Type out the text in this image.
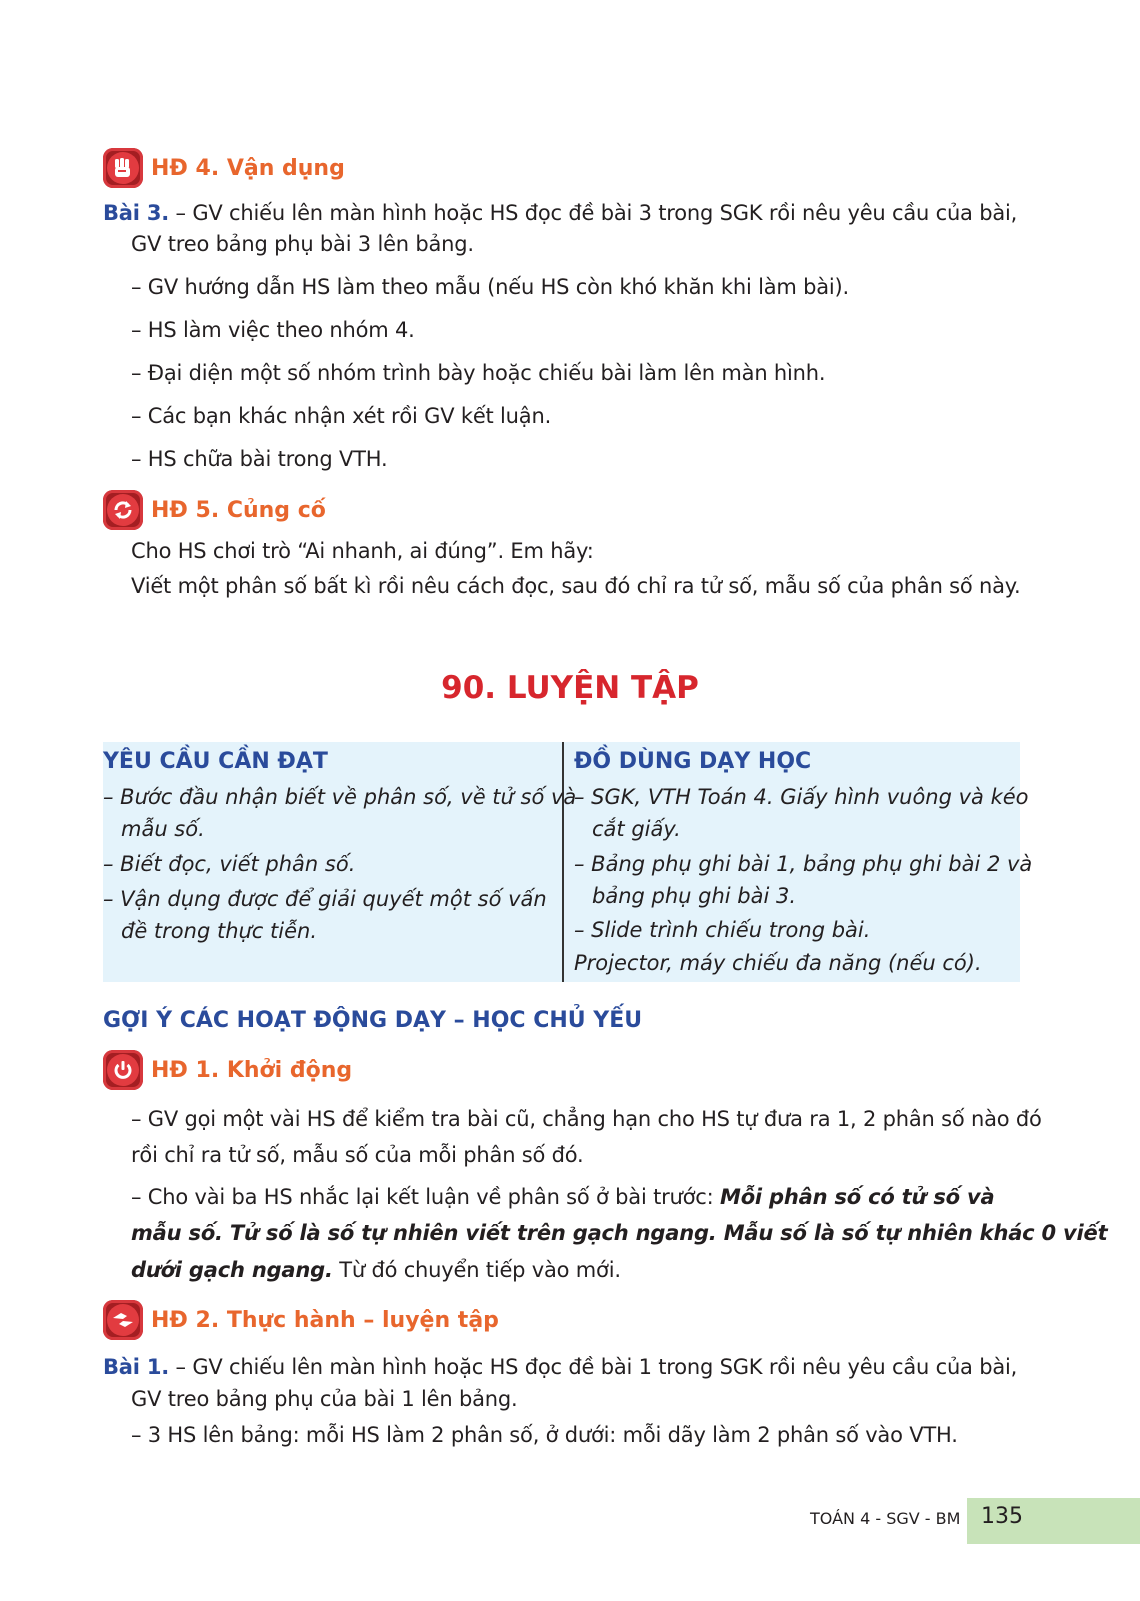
HĐ 4. Vận dụng
Bài 3. – GV chiếu lên màn hình hoặc HS đọc đề bài 3 trong SGK rồi nêu yêu cầu của bài,
GV treo bảng phụ bài 3 lên bảng.
– GV hướng dẫn HS làm theo mẫu (nếu HS còn khó khăn khi làm bài).
– HS làm việc theo nhóm 4.
– Đại diện một số nhóm trình bày hoặc chiếu bài làm lên màn hình.
– Các bạn khác nhận xét rồi GV kết luận.
– HS chữa bài trong VTH.
HĐ 5. Củng cố
Cho HS chơi trò “Ai nhanh, ai đúng”. Em hãy:
Viết một phân số bất kì rồi nêu cách đọc, sau đó chỉ ra tử số, mẫu số của phân số này.
90. LUYỆN TẬP
YÊU CẦU CẦN ĐẠT
– Bước đầu nhận biết về phân số, về tử số và
mẫu số.
– Biết đọc, viết phân số.
– Vận dụng được để giải quyết một số vấn
đề trong thực tiễn.
ĐỒ DÙNG DẠY HỌC
– SGK, VTH Toán 4. Giấy hình vuông và kéo
cắt giấy.
– Bảng phụ ghi bài 1, bảng phụ ghi bài 2 và
bảng phụ ghi bài 3.
– Slide trình chiếu trong bài.
Projector, máy chiếu đa năng (nếu có).
GỢI Ý CÁC HOẠT ĐỘNG DẠY – HỌC CHỦ YẾU
HĐ 1. Khởi động
– GV gọi một vài HS để kiểm tra bài cũ, chẳng hạn cho HS tự đưa ra 1, 2 phân số nào đó
rồi chỉ ra tử số, mẫu số của mỗi phân số đó.
– Cho vài ba HS nhắc lại kết luận về phân số ở bài trước: Mỗi phân số có tử số và
mẫu số. Tử số là số tự nhiên viết trên gạch ngang. Mẫu số là số tự nhiên khác 0 viết
dưới gạch ngang. Từ đó chuyển tiếp vào mới.
HĐ 2. Thực hành – luyện tập
Bài 1. – GV chiếu lên màn hình hoặc HS đọc đề bài 1 trong SGK rồi nêu yêu cầu của bài,
GV treo bảng phụ của bài 1 lên bảng.
– 3 HS lên bảng: mỗi HS làm 2 phân số, ở dưới: mỗi dãy làm 2 phân số vào VTH.
TOÁN 4 - SGV - BM 135
